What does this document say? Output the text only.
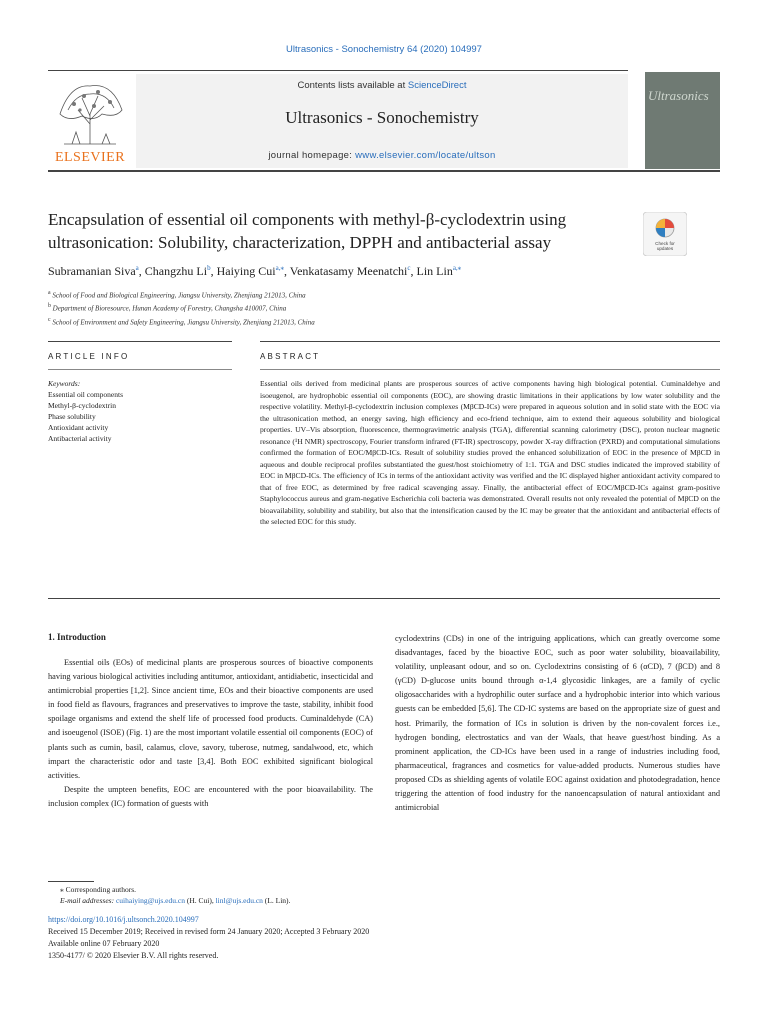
Ultrasonics - Sonochemistry 64 (2020) 104997
ELSEVIER
Contents lists available at ScienceDirect
Ultrasonics - Sonochemistry
journal homepage: www.elsevier.com/locate/ultson
Ultrasonics
Encapsulation of essential oil components with methyl-β-cyclodextrin using ultrasonication: Solubility, characterization, DPPH and antibacterial assay	Check for updates
Subramanian Siva$^a$, Changzhu Li$^b$, Haiying Cui$^{a,⁎}$, Venkatasamy Meenatchi$^c$, Lin Lin$^{a,⁎}$
$^a$ School of Food and Biological Engineering, Jiangsu University, Zhenjiang 212013, China
$^b$ Department of Bioresource, Hunan Academy of Forestry, Changsha 410007, China
$^c$ School of Environment and Safety Engineering, Jiangsu University, Zhenjiang 212013, China
ARTICLE INFO	ABSTRACT
Keywords:
Essential oil components
Methyl-β-cyclodextrin
Phase solubility
Antioxidant activity
Antibacterial activity
Essential oils derived from medicinal plants are prosperous sources of active components having high biological potential. Cuminaldehye and isoeugenol, are hydrophobic essential oil components (EOC), are showing drastic limitations in their applications by low water solubility and the respective volatility. Methyl-β-cyclodextrin inclusion complexes (MβCD-ICs) were prepared in aqueous solution and in solid state with the EOC via the ultrasonication method, an energy saving, high efficiency and eco-friend technique, aim to extend their aqueous solubility and biological properties. UV–Vis absorption, fluorescence, thermogravimetric analysis (TGA), differential scanning calorimetry (DSC), proton nuclear magnetic resonance (¹H NMR) spectroscopy, Fourier transform infrared (FT-IR) spectroscopy, powder X-ray diffraction (PXRD) and computational simulations confirmed the formation of EOC/MβCD-ICs. Result of solubility studies proved the enhanced solubilization of EOC in the presence of MβCD in aqueous and double reciprocal profiles substantiated the guest/host stoichiometry of 1:1. TGA and DSC studies indicated the improved stability of EOC in MβCD-ICs. The efficiency of ICs in terms of the antioxidant activity was verified and the IC displayed higher antioxidant activity compared to that of free EOC, as determined by free radical scavenging assay. Finally, the antibacterial effect of EOC/MβCD-ICs against gram-positive Staphylococcus aureus and gram-negative Escherichia coli bacteria was demonstrated. Overall results not only revealed the potential of MβCD on the bioavailability, solubility and stability, but also that the intensification caused by the IC may be greater that the antioxidant and antibacterial effects of the selected EOC for this study.
1. Introduction

Essential oils (EOs) of medicinal plants are prosperous sources of bioactive components having various biological activities including antitumor, antioxidant, antidiabetic, insecticidal and antimicrobial properties [1,2]. Since ancient time, EOs and their bioactive components are used in food field as flavours, fragrances and preservatives to improve the taste, stability, inhibit food spoilage organisms and extend the shelf life of processed food products. Cuminaldehyde (CA) and isoeugenol (ISOE) (Fig. 1) are the most important volatile essential oil components (EOC) of plants such as cumin, basil, calamus, clove, savory, tuberose, nutmeg, sandalwood, etc, which impart the characteristic odor and taste [3,4]. Both EOC exhibited significant biological activities.

Despite the umpteen benefits, EOC are encountered with the poor bioavailability. The inclusion complex (IC) formation of guests with

cyclodextrins (CDs) in one of the intriguing applications, which can greatly overcome some disadvantages, faced by the bioactive EOC, such as poor water solubility, bioavailability, volatility, unpleasant odour, and so on. Cyclodextrins consisting of 6 (αCD), 7 (βCD) and 8 (γCD) D-glucose units bound through α-1,4 glycosidic linkages, are a family of cyclic oligosaccharides with a hydrophilic outer surface and a hydrophobic interior into which various guests can be embedded [5,6]. The CD-IC systems are based on the appropriate size of guest and host. Primarily, the formation of ICs in solution is driven by the non-covalent forces i.e., hydrogen bonding, electrostatics and van der Waals, that heave guest/host binding. As a prominent application, the CD-ICs have been used in a range of industries including food, pharmaceutical, fragrances and cosmetics for value-added products. Numerous studies have proposed CDs as shielding agents of volatile EOC against oxidation and photodegradation, hence triggering the attention of food industry for the nanoencapsulation of natural antioxidant and antimicrobial

⁎ Corresponding authors.
E-mail addresses: cuihaiying@ujs.edu.cn (H. Cui), linl@ujs.edu.cn (L. Lin).
https://doi.org/10.1016/j.ultsonch.2020.104997
Received 15 December 2019; Received in revised form 24 January 2020; Accepted 3 February 2020
Available online 07 February 2020
1350-4177/ © 2020 Elsevier B.V. All rights reserved.
